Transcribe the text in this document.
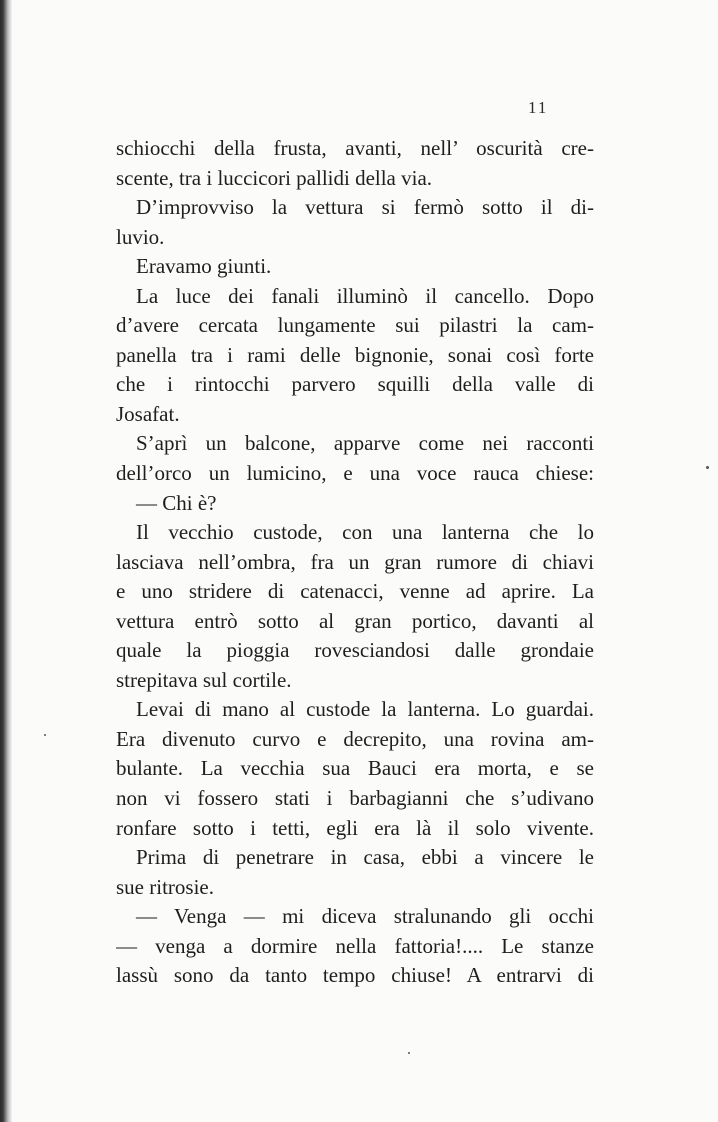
11
schiocchi della frusta, avanti, nell’ oscurità cre-
scente, tra i luccicori pallidi della via.
D’improvviso la vettura si fermò sotto il di-
luvio.
Eravamo giunti.
La luce dei fanali illuminò il cancello. Dopo
d’avere cercata lungamente sui pilastri la cam-
panella tra i rami delle bignonie, sonai così forte
che i rintocchi parvero squilli della valle di
Josafat.
S’aprì un balcone, apparve come nei racconti
dell’orco un lumicino, e una voce rauca chiese:
— Chi è?
Il vecchio custode, con una lanterna che lo
lasciava nell’ombra, fra un gran rumore di chiavi
e uno stridere di catenacci, venne ad aprire. La
vettura entrò sotto al gran portico, davanti al
quale la pioggia rovesciandosi dalle grondaie
strepitava sul cortile.
Levai di mano al custode la lanterna. Lo guardai.
Era divenuto curvo e decrepito, una rovina am-
bulante. La vecchia sua Bauci era morta, e se
non vi fossero stati i barbagianni che s’udivano
ronfare sotto i tetti, egli era là il solo vivente.
Prima di penetrare in casa, ebbi a vincere le
sue ritrosie.
— Venga — mi diceva stralunando gli occhi
— venga a dormire nella fattoria!.... Le stanze
lassù sono da tanto tempo chiuse! A entrarvi di
